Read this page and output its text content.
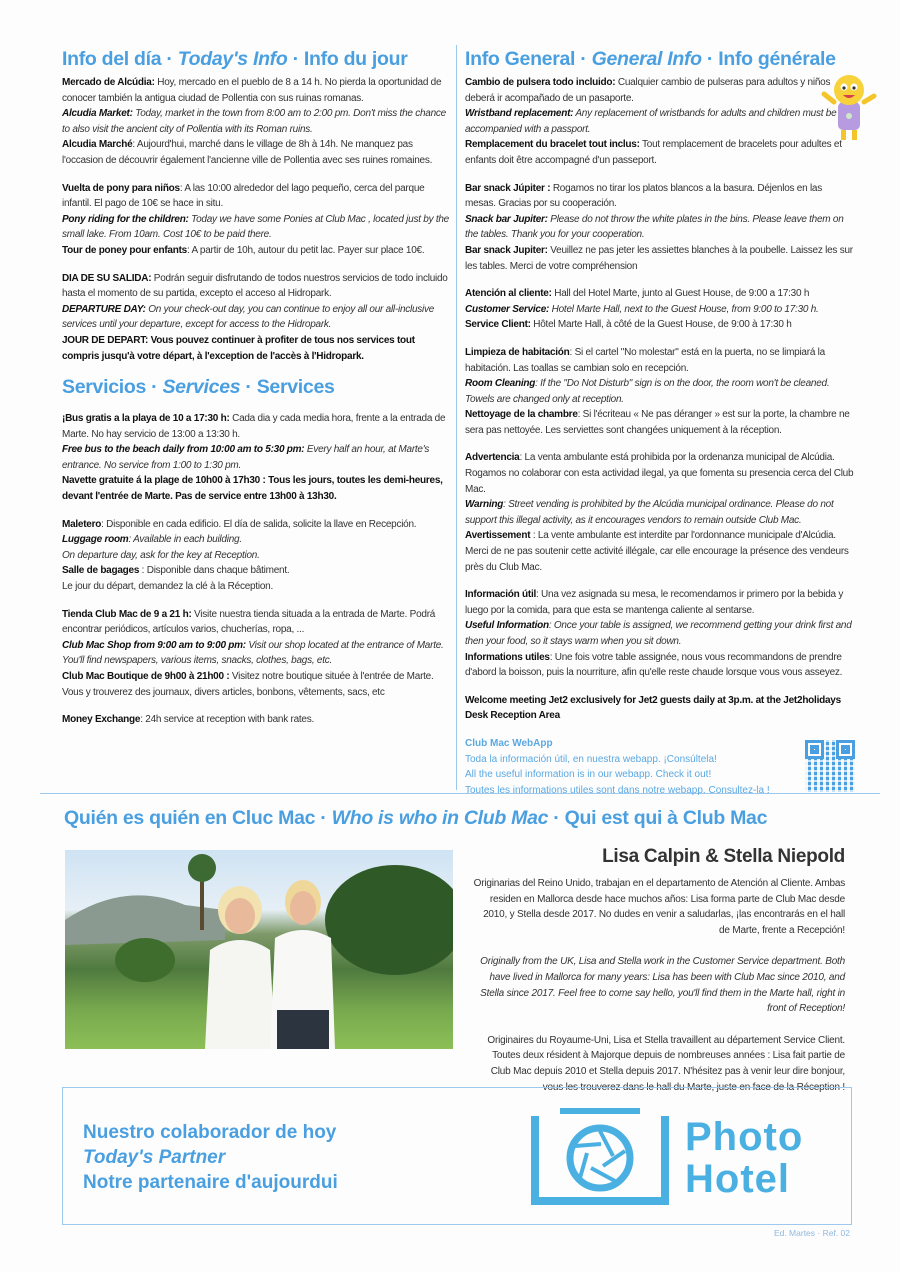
Info del día · Today's Info · Info du jour
Mercado de Alcúdia: Hoy, mercado en el pueblo de 8 a 14 h. No pierda la oportunidad de conocer también la antigua ciudad de Pollentia con sus ruinas romanas.
Alcudia Market: Today, market in the town from 8:00 am to 2:00 pm. Don't miss the chance to also visit the ancient city of Pollentia with its Roman ruins.
Alcudia Marché: Aujourd'hui, marché dans le village de 8h à 14h. Ne manquez pas l'occasion de découvrir également l'ancienne ville de Pollentia avec ses ruines romaines.
Vuelta de pony para niños: A las 10:00 alrededor del lago pequeño, cerca del parque infantil. El pago de 10€ se hace in situ.
Pony riding for the children: Today we have some Ponies at Club Mac , located just by the small lake. From 10am. Cost 10€ to be paid there.
Tour de poney pour enfants: A partir de 10h, autour du petit lac. Payer sur place 10€.
DIA DE SU SALIDA: Podrán seguir disfrutando de todos nuestros servicios de todo incluido hasta el momento de su partida, excepto el acceso al Hidropark.
DEPARTURE DAY: On your check-out day, you can continue to enjoy all our all-inclusive services until your departure, except for access to the Hidropark.
JOUR DE DEPART: Vous pouvez continuer à profiter de tous nos services tout compris jusqu'à votre départ, à l'exception de l'accès à l'Hidropark.
Servicios · Services · Services
¡Bus gratis a la playa de 10 a 17:30 h: Cada dia y cada media hora, frente a la entrada de Marte. No hay servicio de 13:00 a 13:30 h.
Free bus to the beach daily from 10:00 am to 5:30 pm: Every half an hour, at Marte's entrance. No service from 1:00 to 1:30 pm.
Navette gratuite á la plage de 10h00 à 17h30 : Tous les jours, toutes les demi-heures, devant l'entrée de Marte. Pas de service entre 13h00 à 13h30.
Maletero: Disponible en cada edificio. El día de salida, solicite la llave en Recepción.
Luggage room: Available in each building.
On departure day, ask for the key at Reception.
Salle de bagages : Disponible dans chaque bâtiment.
Le jour du départ, demandez la clé à la Réception.
Tienda Club Mac de 9 a 21 h: Visite nuestra tienda situada a la entrada de Marte. Podrá encontrar periódicos, artículos varios, chucherías, ropa, ...
Club Mac Shop from 9:00 am to 9:00 pm: Visit our shop located at the entrance of Marte. You'll find newspapers, various items, snacks, clothes, bags, etc.
Club Mac Boutique de 9h00 à 21h00 : Visitez notre boutique située à l'entrée de Marte. Vous y trouverez des journaux, divers articles, bonbons, vêtements, sacs, etc
Money Exchange: 24h service at reception with bank rates.
Info General · General Info · Info générale
Cambio de pulsera todo incluido: Cualquier cambio de pulseras para adultos y niños deberá ir acompañado de un pasaporte.
Wristband replacement: Any replacement of wristbands for adults and children must be accompanied with a passport.
Remplacement du bracelet tout inclus: Tout remplacement de bracelets pour adultes et enfants doit être accompagné d'un passeport.
Bar snack Júpiter : Rogamos no tirar los platos blancos a la basura. Déjenlos en las mesas. Gracias por su cooperación.
Snack bar Jupiter: Please do not throw the white plates in the bins. Please leave them on the tables. Thank you for your cooperation.
Bar snack Jupiter: Veuillez ne pas jeter les assiettes blanches à la poubelle. Laissez les sur les tables. Merci de votre compréhension
Atención al cliente: Hall del Hotel Marte, junto al Guest House, de 9:00 a 17:30 h
Customer Service: Hotel Marte Hall, next to the Guest House, from 9:00 to 17:30 h.
Service Client: Hôtel Marte Hall, à côté de la Guest House, de 9:00 à 17:30 h
Limpieza de habitación: Si el cartel "No molestar" está en la puerta, no se limpiará la habitación. Las toallas se cambian solo en recepción.
Room Cleaning: If the "Do Not Disturb" sign is on the door, the room won't be cleaned. Towels are changed only at reception.
Nettoyage de la chambre: Si l'écriteau « Ne pas déranger » est sur la porte, la chambre ne sera pas nettoyée. Les serviettes sont changées uniquement à la réception.
Advertencia: La venta ambulante está prohibida por la ordenanza municipal de Alcúdia. Rogamos no colaborar con esta actividad ilegal, ya que fomenta su presencia cerca del Club Mac.
Warning: Street vending is prohibited by the Alcúdia municipal ordinance. Please do not support this illegal activity, as it encourages vendors to remain outside Club Mac.
Avertissement : La vente ambulante est interdite par l'ordonnance municipale d'Alcúdia. Merci de ne pas soutenir cette activité illégale, car elle encourage la présence des vendeurs près du Club Mac.
Información útil: Una vez asignada su mesa, le recomendamos ir primero por la bebida y luego por la comida, para que esta se mantenga caliente al sentarse.
Useful Information: Once your table is assigned, we recommend getting your drink first and then your food, so it stays warm when you sit down.
Informations utiles: Une fois votre table assignée, nous vous recommandons de prendre d'abord la boisson, puis la nourriture, afin qu'elle reste chaude lorsque vous vous asseyez.
Welcome meeting Jet2 exclusively for Jet2 guests daily at 3p.m. at the Jet2holidays Desk Reception Area
Club Mac WebApp
Toda la información útil, en nuestra webapp. ¡Consúltela!
All the useful information is in our webapp. Check it out!
Toutes les informations utiles sont dans notre webapp. Consultez-la !
Quién es quién en Cluc Mac · Who is who in Club Mac · Qui est qui à Club Mac
Lisa Calpin & Stella Niepold

Originarias del Reino Unido, trabajan en el departamento de Atención al Cliente. Ambas residen en Mallorca desde hace muchos años: Lisa forma parte de Club Mac desde 2010, y Stella desde 2017. No dudes en venir a saludarlas, ¡las encontrarás en el hall de Marte, frente a Recepción!

Originally from the UK, Lisa and Stella work in the Customer Service department. Both have lived in Mallorca for many years: Lisa has been with Club Mac since 2010, and Stella since 2017. Feel free to come say hello, you'll find them in the Marte hall, right in front of Reception!

Originaires du Royaume-Uni, Lisa et Stella travaillent au département Service Client. Toutes deux résident à Majorque depuis de nombreuses années : Lisa fait partie de Club Mac depuis 2010 et Stella depuis 2017. N'hésitez pas à venir leur dire bonjour, vous les trouverez dans le hall du Marte, juste en face de la Réception !

Nuestro colaborador de hoy
Today's Partner
Notre partenaire d'aujourdui
Photo
Hotel
Ed. Martes · Ref. 02
